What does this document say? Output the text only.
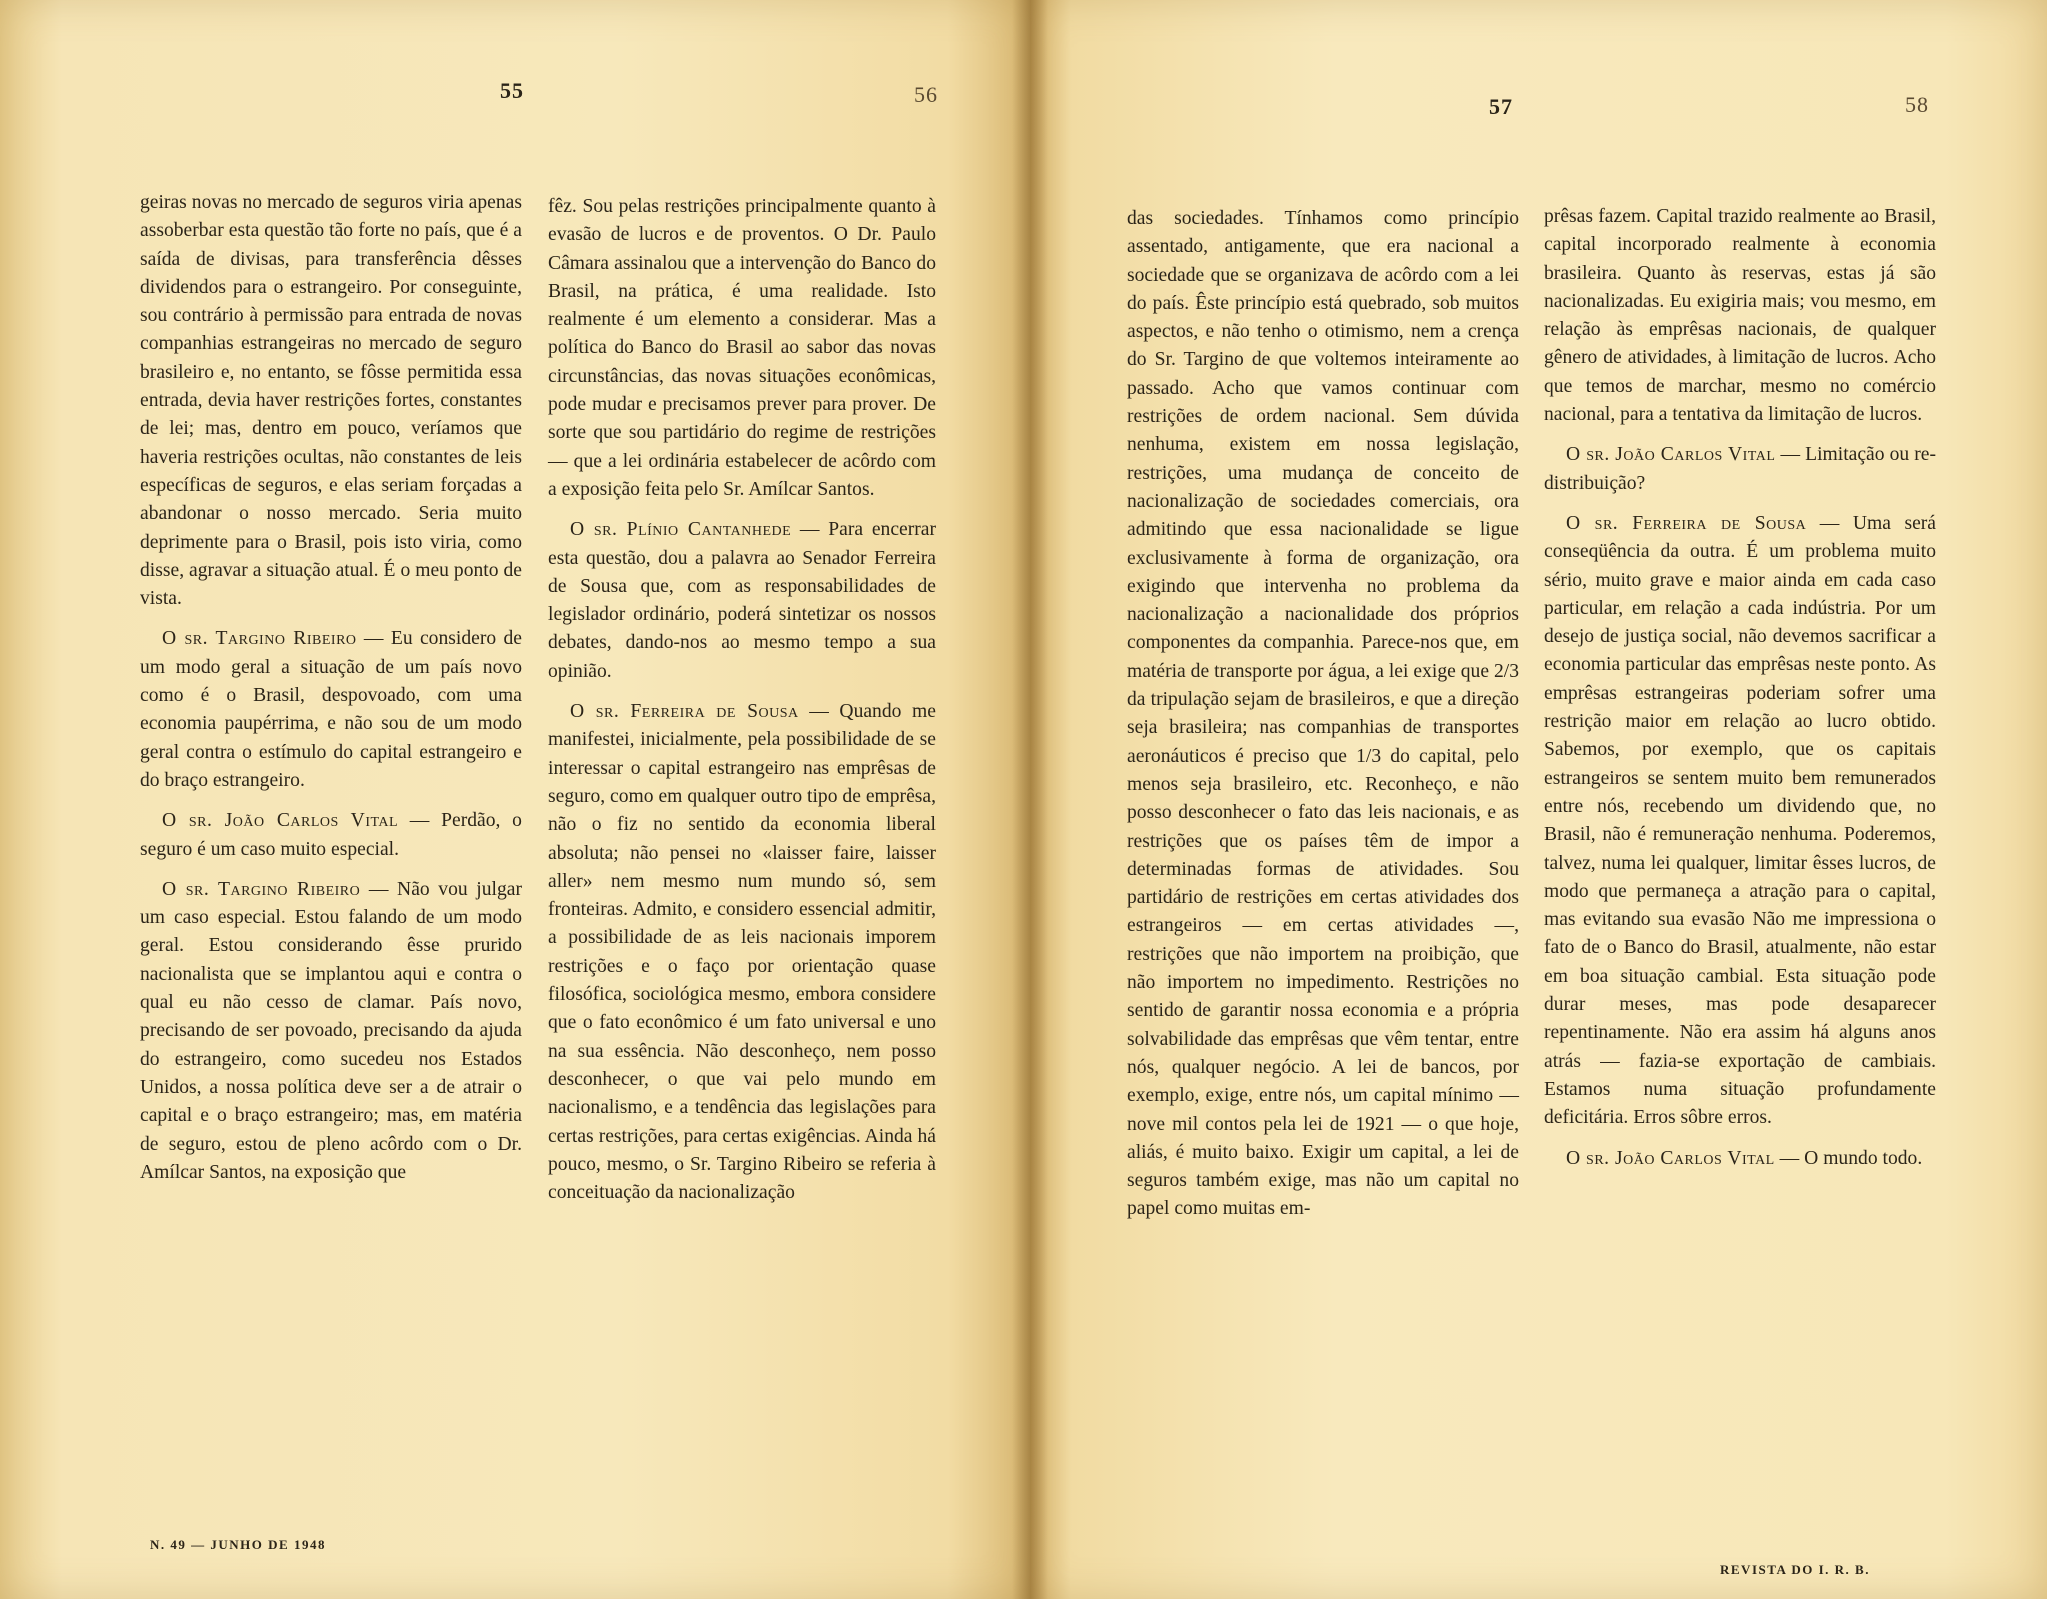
55	56	57	58

geiras novas no mercado de seguros viria apenas assoberbar esta questão tão forte no país, que é a saída de divisas, para transferência dêsses dividendos para o estrangeiro. Por conseguinte, sou contrário à permissão para entrada de novas companhias estrangeiras no mercado de seguro brasileiro e, no entanto, se fôsse permitida essa entrada, devia haver restrições fortes, constantes de lei; mas, dentro em pouco, veríamos que haveria restrições ocultas, não constantes de leis específicas de seguros, e elas seriam forçadas a abandonar o nosso mercado. Seria muito deprimente para o Brasil, pois isto viria, como disse, agravar a situação atual. É o meu ponto de vista.

O sr. Targino Ribeiro — Eu considero de um modo geral a situação de um país novo como é o Brasil, despovoado, com uma economia paupérrima, e não sou de um modo geral contra o estímulo do capital estrangeiro e do braço estrangeiro.

O sr. João Carlos Vital — Perdão, o seguro é um caso muito especial.

O sr. Targino Ribeiro — Não vou julgar um caso especial. Estou falando de um modo geral. Estou considerando êsse prurido nacionalista que se implantou aqui e contra o qual eu não cesso de clamar. País novo, precisando de ser povoado, precisando da ajuda do estrangeiro, como sucedeu nos Estados Unidos, a nossa política deve ser a de atrair o capital e o braço estrangeiro; mas, em matéria de seguro, estou de pleno acôrdo com o Dr. Amílcar Santos, na exposição que

fêz. Sou pelas restrições principalmente quanto à evasão de lucros e de proventos. O Dr. Paulo Câmara assinalou que a intervenção do Banco do Brasil, na prática, é uma realidade. Isto realmente é um elemento a considerar. Mas a política do Banco do Brasil ao sabor das novas circunstâncias, das novas situações econômicas, pode mudar e precisamos prever para prover. De sorte que sou partidário do regime de restrições — que a lei ordinária estabelecer de acôrdo com a exposição feita pelo Sr. Amílcar Santos.

O sr. Plínio Cantanhede — Para encerrar esta questão, dou a palavra ao Senador Ferreira de Sousa que, com as responsabilidades de legislador ordinário, poderá sintetizar os nossos debates, dando-nos ao mesmo tempo a sua opinião.

O sr. Ferreira de Sousa — Quando me manifestei, inicialmente, pela possibilidade de se interessar o capital estrangeiro nas emprêsas de seguro, como em qualquer outro tipo de emprêsa, não o fiz no sentido da economia liberal absoluta; não pensei no «laisser faire, laisser aller» nem mesmo num mundo só, sem fronteiras. Admito, e considero essencial admitir, a possibilidade de as leis nacionais imporem restrições e o faço por orientação quase filosófica, sociológica mesmo, embora considere que o fato econômico é um fato universal e uno na sua essência. Não desconheço, nem posso desconhecer, o que vai pelo mundo em nacionalismo, e a tendência das legislações para certas restrições, para certas exigências. Ainda há pouco, mesmo, o Sr. Targino Ribeiro se referia à conceituação da nacionalização

das sociedades. Tínhamos como princípio assentado, antigamente, que era nacional a sociedade que se organizava de acôrdo com a lei do país. Êste princípio está quebrado, sob muitos aspectos, e não tenho o otimismo, nem a crença do Sr. Targino de que voltemos inteiramente ao passado. Acho que vamos continuar com restrições de ordem nacional. Sem dúvida nenhuma, existem em nossa legislação, restrições, uma mudança de conceito de nacionalização de sociedades comerciais, ora admitindo que essa nacionalidade se ligue exclusivamente à forma de organização, ora exigindo que intervenha no problema da nacionalização a nacionalidade dos próprios componentes da companhia. Parece-nos que, em matéria de transporte por água, a lei exige que 2/3 da tripulação sejam de brasileiros, e que a direção seja brasileira; nas companhias de transportes aeronáuticos é preciso que 1/3 do capital, pelo menos seja brasileiro, etc. Reconheço, e não posso desconhecer o fato das leis nacionais, e as restrições que os países têm de impor a determinadas formas de atividades. Sou partidário de restrições em certas atividades dos estrangeiros — em certas atividades —, restrições que não importem na proibição, que não importem no impedimento. Restrições no sentido de garantir nossa economia e a própria solvabilidade das emprêsas que vêm tentar, entre nós, qualquer negócio. A lei de bancos, por exemplo, exige, entre nós, um capital mínimo — nove mil contos pela lei de 1921 — o que hoje, aliás, é muito baixo. Exigir um capital, a lei de seguros também exige, mas não um capital no papel como muitas em-

prêsas fazem. Capital trazido realmente ao Brasil, capital incorporado realmente à economia brasileira. Quanto às reservas, estas já são nacionalizadas. Eu exigiria mais; vou mesmo, em relação às emprêsas nacionais, de qualquer gênero de atividades, à limitação de lucros. Acho que temos de marchar, mesmo no comércio nacional, para a tentativa da limitação de lucros.

O sr. João Carlos Vital — Limitação ou re-distribuição?

O sr. Ferreira de Sousa — Uma será conseqüência da outra. É um problema muito sério, muito grave e maior ainda em cada caso particular, em relação a cada indústria. Por um desejo de justiça social, não devemos sacrificar a economia particular das emprêsas neste ponto. As emprêsas estrangeiras poderiam sofrer uma restrição maior em relação ao lucro obtido. Sabemos, por exemplo, que os capitais estrangeiros se sentem muito bem remunerados entre nós, recebendo um dividendo que, no Brasil, não é remuneração nenhuma. Poderemos, talvez, numa lei qualquer, limitar êsses lucros, de modo que permaneça a atração para o capital, mas evitando sua evasão Não me impressiona o fato de o Banco do Brasil, atualmente, não estar em boa situação cambial. Esta situação pode durar meses, mas pode desaparecer repentinamente. Não era assim há alguns anos atrás — fazia-se exportação de cambiais. Estamos numa situação profundamente deficitária. Erros sôbre erros.

O sr. João Carlos Vital — O mundo todo.

N. 49 — JUNHO DE 1948
REVISTA DO I. R. B.
